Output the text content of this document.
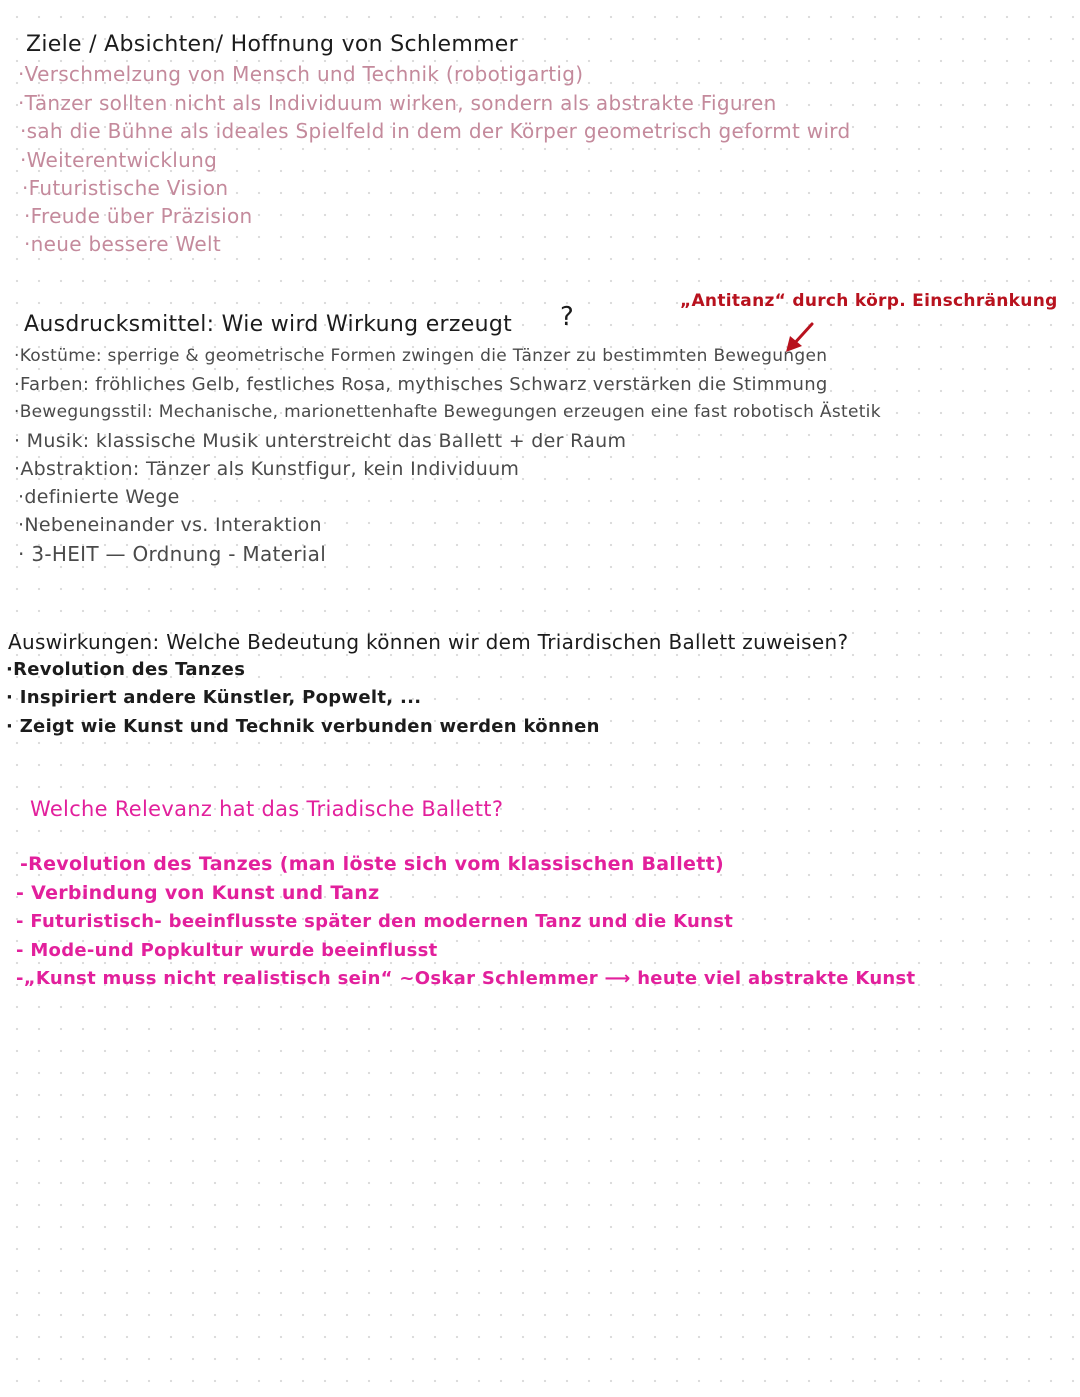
Ziele / Absichten/ Hoffnung von Schlemmer
·Verschmelzung von Mensch und Technik (robotigartig)
·Tänzer sollten nicht als Individuum wirken, sondern als abstrakte Figuren
·sah die Bühne als ideales Spielfeld in dem der Körper geometrisch geformt wird
·Weiterentwicklung
·Futuristische Vision
·Freude über Präzision
·neue bessere Welt
„Antitanz“ durch körp. Einschränkung
Ausdrucksmittel: Wie wird Wirkung erzeugt ?
·Kostüme: sperrige & geometrische Formen zwingen die Tänzer zu bestimmten Bewegungen
·Farben: fröhliches Gelb, festliches Rosa, mythisches Schwarz verstärken die Stimmung
·Bewegungsstil: Mechanische, marionettenhafte Bewegungen erzeugen eine fast robotisch Ästetik
· Musik: klassische Musik unterstreicht das Ballett + der Raum
·Abstraktion: Tänzer als Kunstfigur, kein Individuum
·definierte Wege
·Nebeneinander vs. Interaktion
· 3-HEIT — Ordnung - Material
Auswirkungen: Welche Bedeutung können wir dem Triardischen Ballett zuweisen?
·Revolution des Tanzes
· Inspiriert andere Künstler, Popwelt, ...
· Zeigt wie Kunst und Technik verbunden werden können
Welche Relevanz hat das Triadische Ballett?
-Revolution des Tanzes (man löste sich vom klassischen Ballett)
- Verbindung von Kunst und Tanz
- Futuristisch- beeinflusste später den modernen Tanz und die Kunst
- Mode-und Popkultur wurde beeinflusst
-„Kunst muss nicht realistisch sein“ ~Oskar Schlemmer ⟶ heute viel abstrakte Kunst
